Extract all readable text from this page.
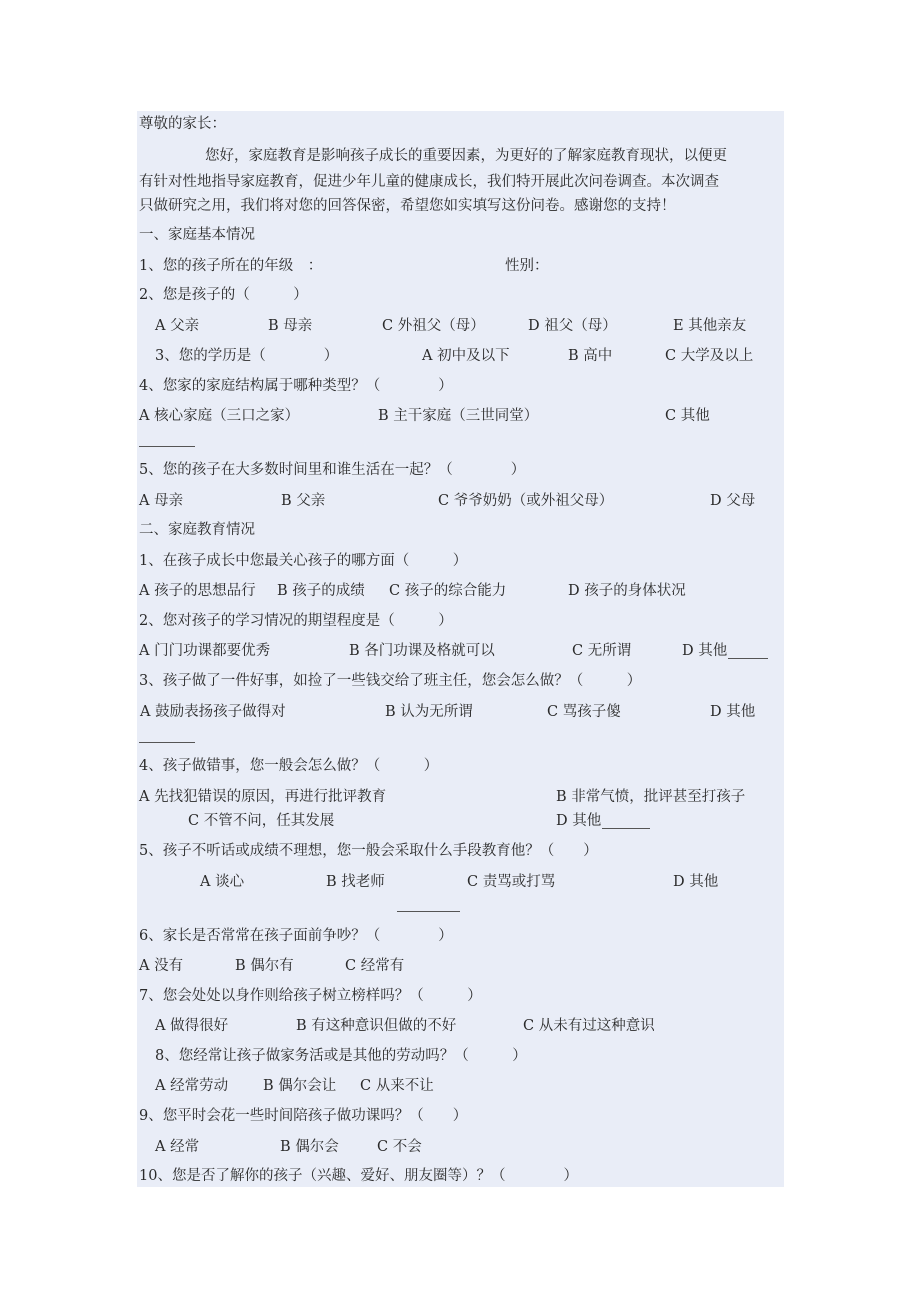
尊敬的家长：
您好，家庭教育是影响孩子成长的重要因素，为更好的了解家庭教育现状，以便更
有针对性地指导家庭教育，促进少年儿童的健康成长，我们特开展此次问卷调查。本次调查
只做研究之用，我们将对您的回答保密，希望您如实填写这份问卷。感谢您的支持！
一、家庭基本情况
1、您的孩子所在的年级　：	性别：
2、您是孩子的（　　　）
A 父亲	B 母亲	C 外祖父（母）	D 祖父（母）	E 其他亲友
3、您的学历是（　　　　）	A 初中及以下	B 高中	C 大学及以上
4、您家的家庭结构属于哪种类型？（　　　　）
A 核心家庭（三口之家）	B 主干家庭（三世同堂）	C 其他
5、您的孩子在大多数时间里和谁生活在一起？（　　　　）
A 母亲	B 父亲	C 爷爷奶奶（或外祖父母）	D 父母
二、家庭教育情况
1、在孩子成长中您最关心孩子的哪方面（　　　）
A 孩子的思想品行 B 孩子的成绩 C 孩子的综合能力	D 孩子的身体状况
2、您对孩子的学习情况的期望程度是（　　　）
A 门门功课都要优秀	B 各门功课及格就可以	C 无所谓	D 其他
3、孩子做了一件好事，如捡了一些钱交给了班主任，您会怎么做？（　　　）
A 鼓励表扬孩子做得对	B 认为无所谓	C 骂孩子傻	D 其他
4、孩子做错事，您一般会怎么做？（　　　）
A 先找犯错误的原因，再进行批评教育	B 非常气愤，批评甚至打孩子
C 不管不问，任其发展	D 其他
5、孩子不听话或成绩不理想，您一般会采取什么手段教育他？（　　）
A 谈心	B 找老师	C 责骂或打骂	D 其他
6、家长是否常常在孩子面前争吵？（　　　　）
A 没有	B 偶尔有	C 经常有
7、您会处处以身作则给孩子树立榜样吗？（　　　）
A 做得很好	B 有这种意识但做的不好	C 从未有过这种意识
8、您经常让孩子做家务活或是其他的劳动吗？（　　　）
A 经常劳动 B 偶尔会让 C 从来不让
9、您平时会花一些时间陪孩子做功课吗？（　　）
A 经常	B 偶尔会	C 不会
10、您是否了解你的孩子（兴趣、爱好、朋友圈等）？（　　　　）
